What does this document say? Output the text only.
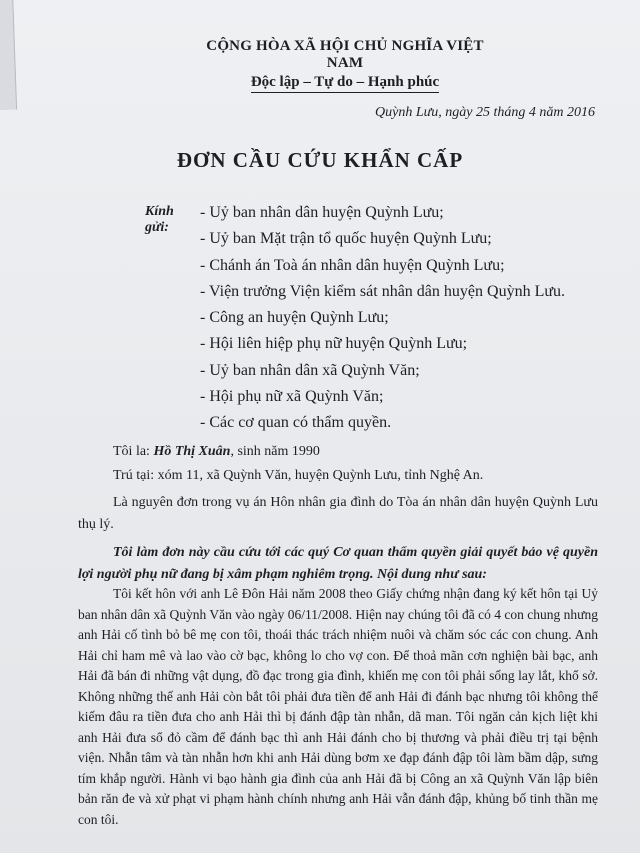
CỘNG HÒA XÃ HỘI CHỦ NGHĨA VIỆT NAM
Độc lập – Tự do – Hạnh phúc
Quỳnh Lưu, ngày 25 tháng 4 năm 2016
ĐƠN CẦU CỨU KHẨN CẤP
Kính gửi:
- Uỷ ban nhân dân huyện Quỳnh Lưu;
- Uỷ ban Mặt trận tổ quốc huyện Quỳnh Lưu;
- Chánh án Toà án nhân dân huyện Quỳnh Lưu;
- Viện trưởng Viện kiểm sát nhân dân huyện Quỳnh Lưu.
- Công an huyện Quỳnh Lưu;
- Hội liên hiệp phụ nữ huyện Quỳnh Lưu;
- Uỷ ban nhân dân xã Quỳnh Văn;
- Hội phụ nữ xã Quỳnh Văn;
- Các cơ quan có thẩm quyền.
Tôi la: Hồ Thị Xuân, sinh năm 1990
Trú tại: xóm 11, xã Quỳnh Văn, huyện Quỳnh Lưu, tỉnh Nghệ An.
Là nguyên đơn trong vụ án Hôn nhân gia đình do Tòa án nhân dân huyện Quỳnh Lưu thụ lý.
Tôi làm đơn này cầu cứu tới các quý Cơ quan thẩm quyền giải quyết bảo vệ quyền lợi người phụ nữ đang bị xâm phạm nghiêm trọng. Nội dung như sau:
Tôi kết hôn với anh Lê Đôn Hải năm 2008 theo Giấy chứng nhận đang ký kết hôn tại Uỷ ban nhân dân xã Quỳnh Văn vào ngày 06/11/2008. Hiện nay chúng tôi đã có 4 con chung nhưng anh Hải cố tình bỏ bê mẹ con tôi, thoái thác trách nhiệm nuôi và chăm sóc các con chung. Anh Hải chỉ ham mê và lao vào cờ bạc, không lo cho vợ con. Để thoả mãn cơn nghiện bài bạc, anh Hải đã bán đi những vật dụng, đồ đạc trong gia đình, khiến mẹ con tôi phải sống lay lắt, khổ sở. Không những thế anh Hải còn bắt tôi phải đưa tiền để anh Hải đi đánh bạc nhưng tôi không thể kiếm đâu ra tiền đưa cho anh Hải thì bị đánh đập tàn nhẫn, dã man. Tôi ngăn cản kịch liệt khi anh Hải đưa sổ đỏ cầm để đánh bạc thì anh Hải đánh cho bị thương và phải điều trị tại bệnh viện. Nhẫn tâm và tàn nhẫn hơn khi anh Hải dùng bơm xe đạp đánh đập tôi làm bầm dập, sưng tím khắp người. Hành vi bạo hành gia đình của anh Hải đã bị Công an xã Quỳnh Văn lập biên bản răn đe và xử phạt vi phạm hành chính nhưng anh Hải vẫn đánh đập, khủng bố tinh thần mẹ con tôi.
